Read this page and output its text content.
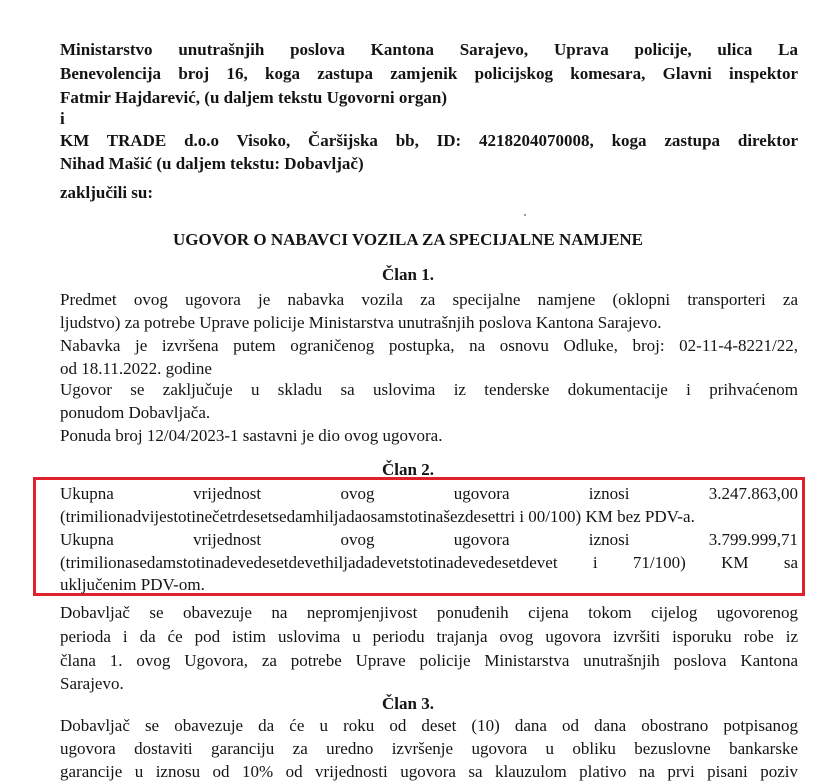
Ministarstvo unutrašnjih poslova Kantona Sarajevo, Uprava policije, ulica La
Benevolencija broj 16, koga zastupa zamjenik policijskog komesara, Glavni inspektor
Fatmir Hajdarević, (u daljem tekstu Ugovorni organ)
i
KM TRADE d.o.o Visoko, Čaršijska bb, ID: 4218204070008, koga zastupa direktor
Nihad Mašić (u daljem tekstu: Dobavljač)
zaključili su:
UGOVOR O NABAVCI VOZILA ZA SPECIJALNE NAMJENE
Član 1.
Predmet ovog ugovora je nabavka vozila za specijalne namjene (oklopni transporteri za
ljudstvo) za potrebe Uprave policije Ministarstva unutrašnjih poslova Kantona Sarajevo.
Nabavka je izvršena putem ograničenog postupka, na osnovu Odluke, broj: 02-11-4-8221/22,
od 18.11.2022. godine
Ugovor se zaključuje u skladu sa uslovima iz tenderske dokumentacije i prihvaćenom
ponudom Dobavljača.
Ponuda broj 12/04/2023-1 sastavni je dio ovog ugovora.
Član 2.
Ukupna vrijednost ovog ugovora iznosi 3.247.863,00
(trimilionadvijestotinečetrdesetsedamhiljadaosamstotinašezdesettri i 00/100) KM bez PDV-a.
Ukupna vrijednost ovog ugovora iznosi 3.799.999,71
(trimilionasedamstotinadevedesetdevethiljadadevetstotinadevedesetdevet i 71/100) KM sa
uključenim PDV-om.
Dobavljač se obavezuje na nepromjenjivost ponuđenih cijena tokom cijelog ugovorenog
perioda i da će pod istim uslovima u periodu trajanja ovog ugovora izvršiti isporuku robe iz
člana 1. ovog Ugovora, za potrebe Uprave policije Ministarstva unutrašnjih poslova Kantona
Sarajevo.
Član 3.
Dobavljač se obavezuje da će u roku od deset (10) dana od dana obostrano potpisanog
ugovora dostaviti garanciju za uredno izvršenje ugovora u obliku bezuslovne bankarske
garancije u iznosu od 10% od vrijednosti ugovora sa klauzulom plativo na prvi pisani poziv
